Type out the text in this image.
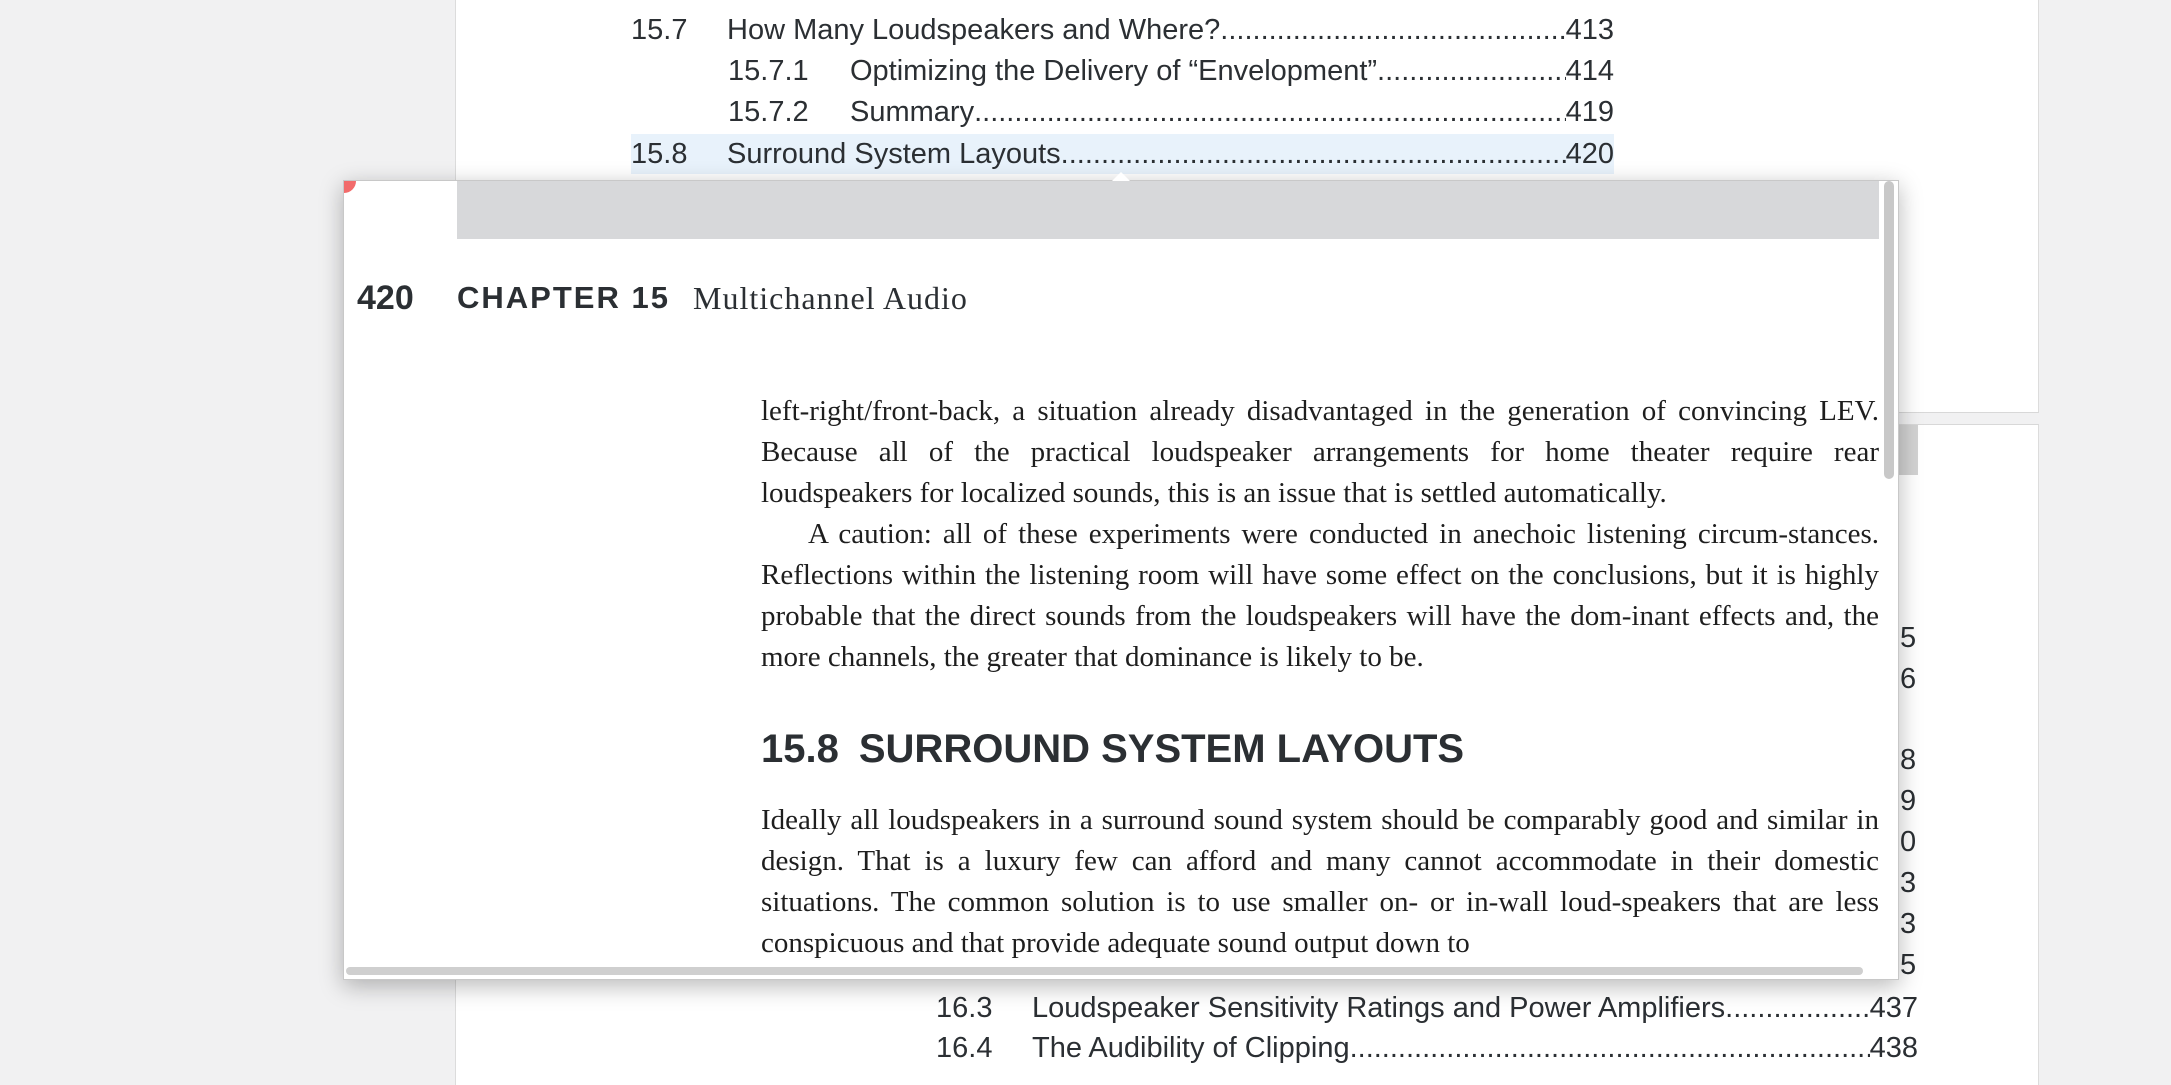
15.7 How Many Loudspeakers and Where? .....	413
15.7.1 Optimizing the Delivery of “Envelopment” .....	414
15.7.2 Summary .....	419
15.8 Surround System Layouts .....	420
5
6
8
9
0
3
3
5
16.3 Loudspeaker Sensitivity Ratings and Power Amplifiers .....	437
16.4 The Audibility of Clipping .....	438
420 CHAPTER 15 Multichannel Audio

left-right/front-back, a situation already disadvantaged in the generation of convincing LEV. Because all of the practical loudspeaker arrangements for home theater require rear loudspeakers for localized sounds, this is an issue that is settled automatically.

A caution: all of these experiments were conducted in anechoic listening circum-stances. Reflections within the listening room will have some effect on the conclusions, but it is highly probable that the direct sounds from the loudspeakers will have the dom-inant effects and, the more channels, the greater that dominance is likely to be.

15.8 SURROUND SYSTEM LAYOUTS

Ideally all loudspeakers in a surround sound system should be comparably good and similar in design. That is a luxury few can afford and many cannot accommodate in their domestic situations. The common solution is to use smaller on- or in-wall loud-speakers that are less conspicuous and that provide adequate sound output down to
